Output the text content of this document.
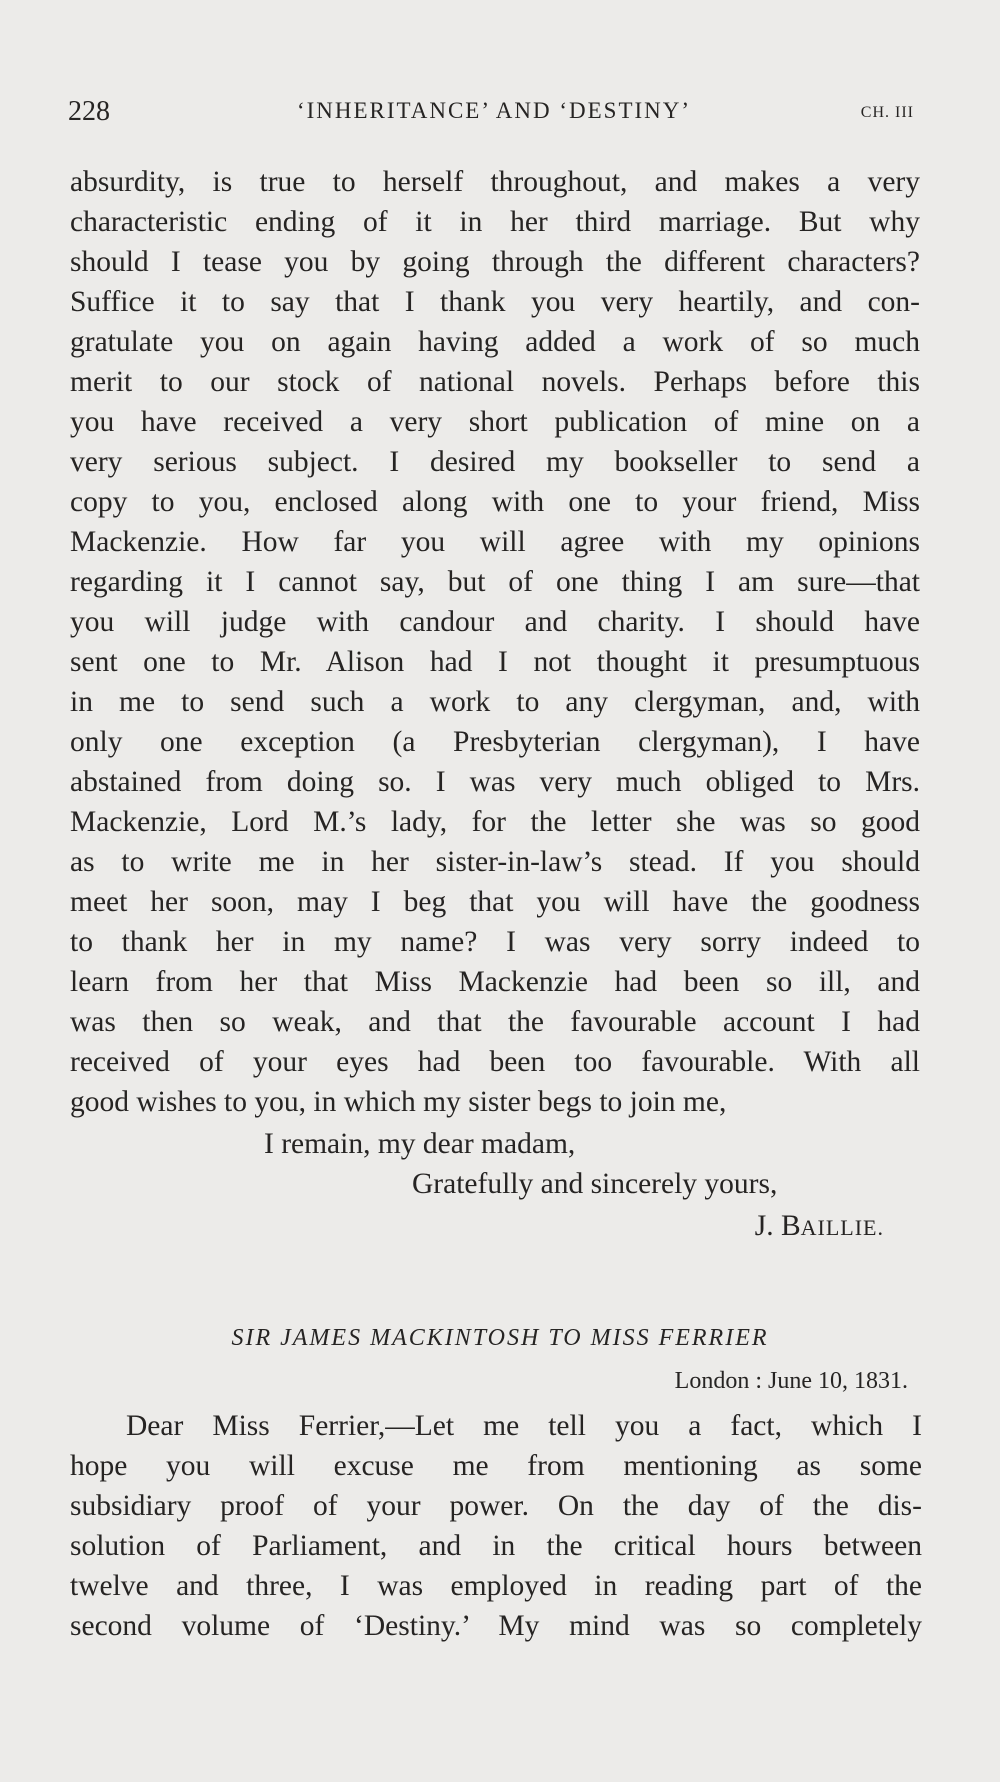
228	‘INHERITANCE’ AND ‘DESTINY’	CH. III
absurdity, is true to herself throughout, and makes a very
characteristic ending of it in her third marriage. But why
should I tease you by going through the different characters?
Suffice it to say that I thank you very heartily, and con-
gratulate you on again having added a work of so much
merit to our stock of national novels. Perhaps before this
you have received a very short publication of mine on a
very serious subject. I desired my bookseller to send a
copy to you, enclosed along with one to your friend, Miss
Mackenzie. How far you will agree with my opinions
regarding it I cannot say, but of one thing I am sure—that
you will judge with candour and charity. I should have
sent one to Mr. Alison had I not thought it presumptuous
in me to send such a work to any clergyman, and, with
only one exception (a Presbyterian clergyman), I have
abstained from doing so. I was very much obliged to Mrs.
Mackenzie, Lord M.’s lady, for the letter she was so good
as to write me in her sister-in-law’s stead. If you should
meet her soon, may I beg that you will have the goodness
to thank her in my name? I was very sorry indeed to
learn from her that Miss Mackenzie had been so ill, and
was then so weak, and that the favourable account I had
received of your eyes had been too favourable. With all
good wishes to you, in which my sister begs to join me,
I remain, my dear madam,
Gratefully and sincerely yours,
J. BAILLIE.
SIR JAMES MACKINTOSH TO MISS FERRIER
London : June 10, 1831.
Dear Miss Ferrier,—Let me tell you a fact, which I
hope you will excuse me from mentioning as some
subsidiary proof of your power. On the day of the dis-
solution of Parliament, and in the critical hours between
twelve and three, I was employed in reading part of the
second volume of ‘Destiny.’ My mind was so completely
